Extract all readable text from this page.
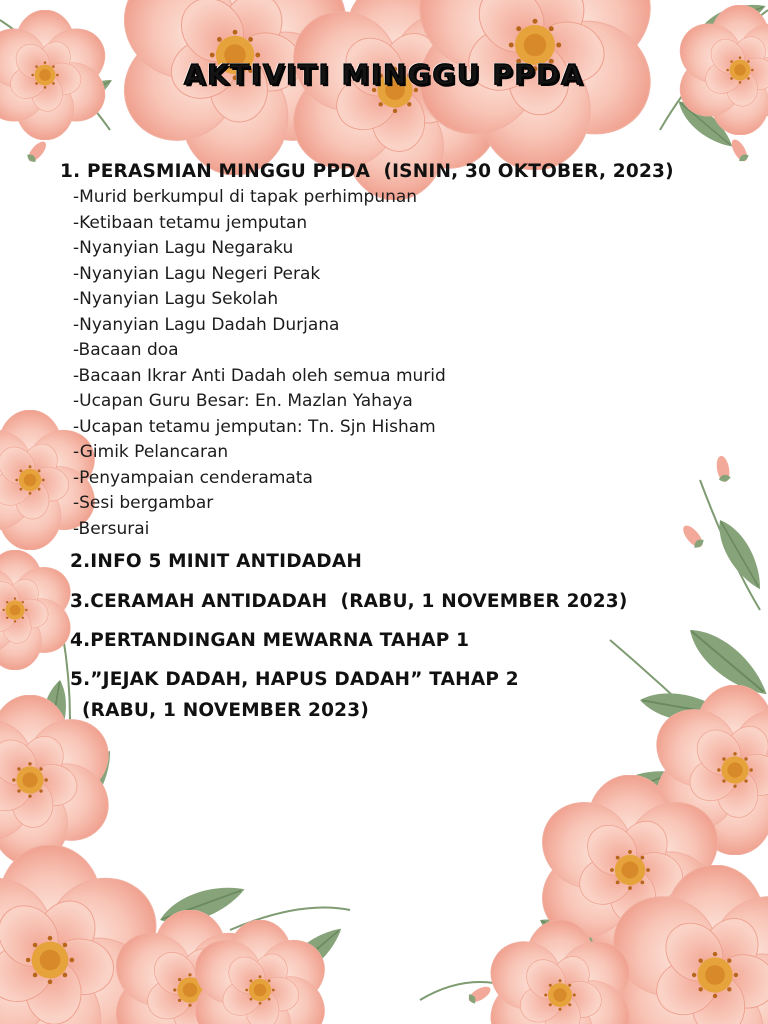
AKTIVITI MINGGU PPDA

1. PERASMIAN MINGGU PPDA  (ISNIN, 30 OKTOBER, 2023)

-Murid berkumpul di tapak perhimpunan
-Ketibaan tetamu jemputan
-Nyanyian Lagu Negaraku
-Nyanyian Lagu Negeri Perak
-Nyanyian Lagu Sekolah
-Nyanyian Lagu Dadah Durjana
-Bacaan doa
-Bacaan Ikrar Anti Dadah oleh semua murid
-Ucapan Guru Besar: En. Mazlan Yahaya
-Ucapan tetamu jemputan: Tn. Sjn Hisham
-Gimik Pelancaran
-Penyampaian cenderamata
-Sesi bergambar
-Bersurai

2.INFO 5 MINIT ANTIDADAH

3.CERAMAH ANTIDADAH  (RABU, 1 NOVEMBER 2023)

4.PERTANDINGAN MEWARNA TAHAP 1

5.”JEJAK DADAH, HAPUS DADAH” TAHAP 2

(RABU, 1 NOVEMBER 2023)
